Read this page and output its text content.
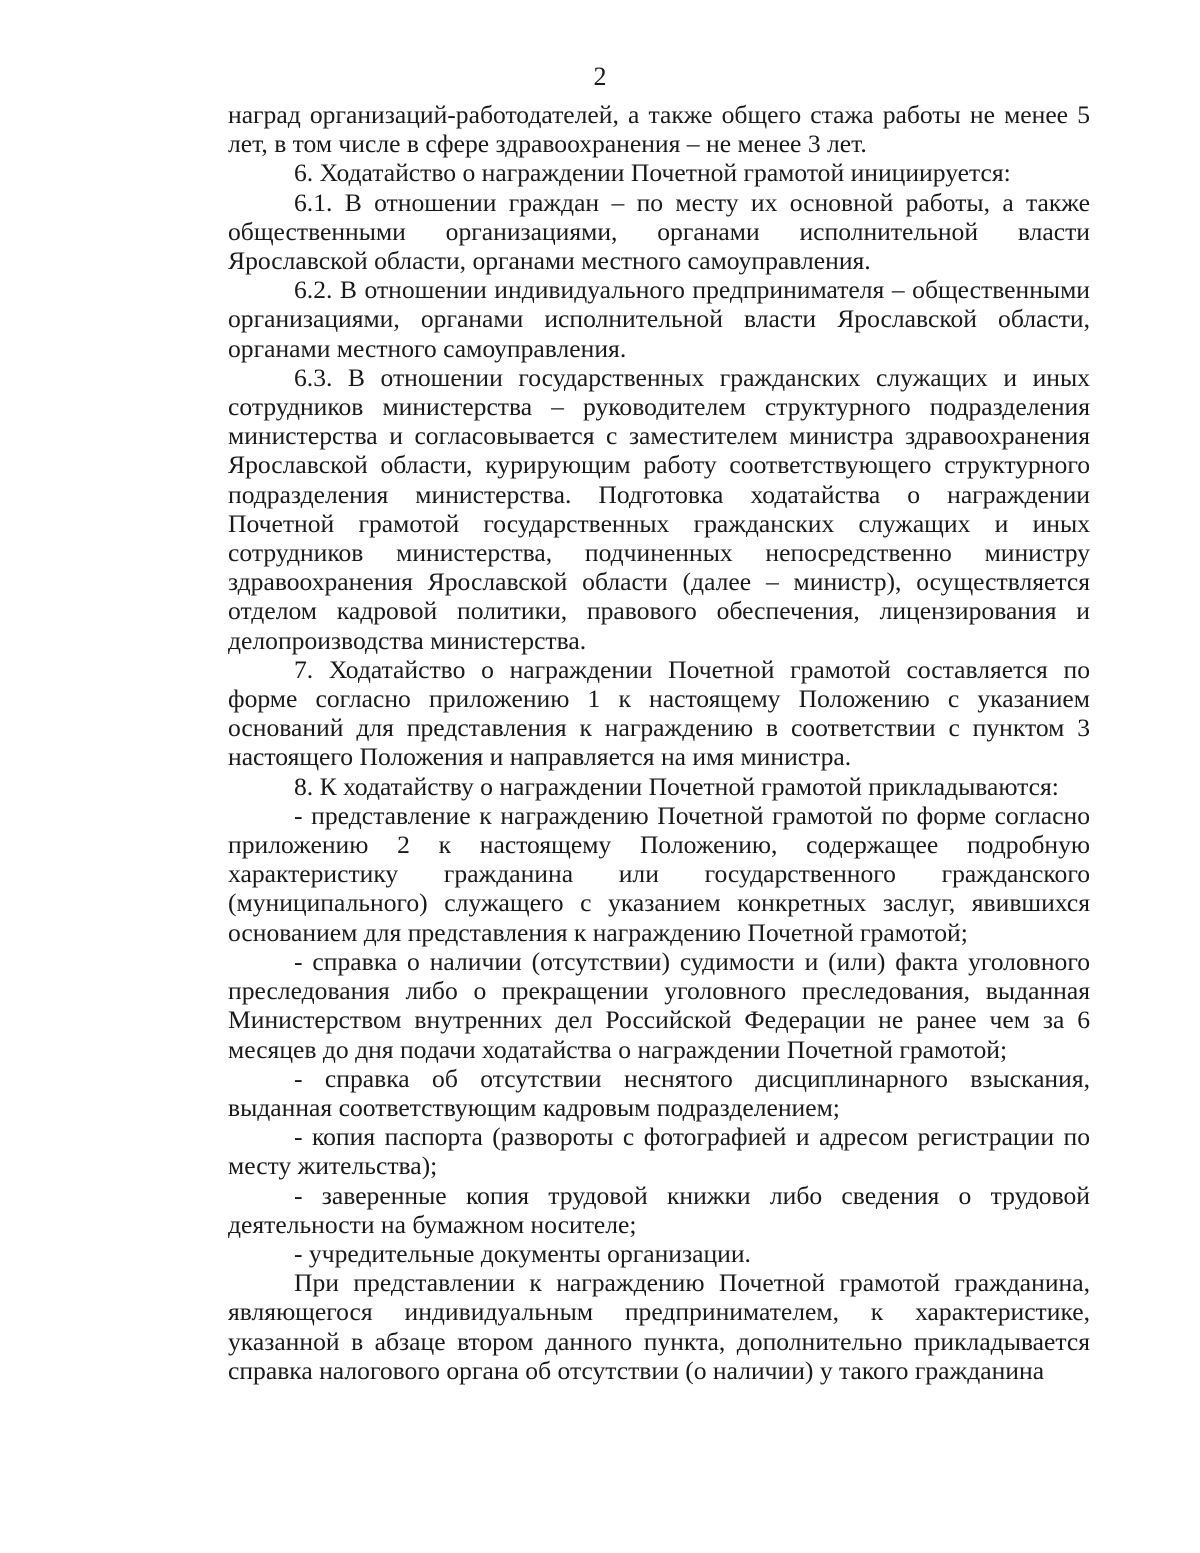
2

наград организаций-работодателей, а также общего стажа работы не менее 5 лет, в том числе в сфере здравоохранения – не менее 3 лет.

6. Ходатайство о награждении Почетной грамотой инициируется:

6.1. В отношении граждан – по месту их основной работы, а также общественными организациями, органами исполнительной власти Ярославской области, органами местного самоуправления.

6.2. В отношении индивидуального предпринимателя – общественными организациями, органами исполнительной власти Ярославской области, органами местного самоуправления.

6.3. В отношении государственных гражданских служащих и иных сотрудников министерства – руководителем структурного подразделения министерства и согласовывается с заместителем министра здравоохранения Ярославской области, курирующим работу соответствующего структурного подразделения министерства. Подготовка ходатайства о награждении Почетной грамотой государственных гражданских служащих и иных сотрудников министерства, подчиненных непосредственно министру здравоохранения Ярославской области (далее – министр), осуществляется отделом кадровой политики, правового обеспечения, лицензирования и делопроизводства министерства.

7. Ходатайство о награждении Почетной грамотой составляется по форме согласно приложению 1 к настоящему Положению с указанием оснований для представления к награждению в соответствии с пунктом 3 настоящего Положения и направляется на имя министра.

8. К ходатайству о награждении Почетной грамотой прикладываются:

- представление к награждению Почетной грамотой по форме согласно приложению 2 к настоящему Положению, содержащее подробную характеристику гражданина или государственного гражданского (муниципального) служащего с указанием конкретных заслуг, явившихся основанием для представления к награждению Почетной грамотой;

- справка о наличии (отсутствии) судимости и (или) факта уголовного преследования либо о прекращении уголовного преследования, выданная Министерством внутренних дел Российской Федерации не ранее чем за 6 месяцев до дня подачи ходатайства о награждении Почетной грамотой;

- справка об отсутствии неснятого дисциплинарного взыскания, выданная соответствующим кадровым подразделением;

- копия паспорта (развороты с фотографией и адресом регистрации по месту жительства);

- заверенные копия трудовой книжки либо сведения о трудовой деятельности на бумажном носителе;

- учредительные документы организации.

При представлении к награждению Почетной грамотой гражданина, являющегося индивидуальным предпринимателем, к характеристике, указанной в абзаце втором данного пункта, дополнительно прикладывается справка налогового органа об отсутствии (о наличии) у такого гражданина
